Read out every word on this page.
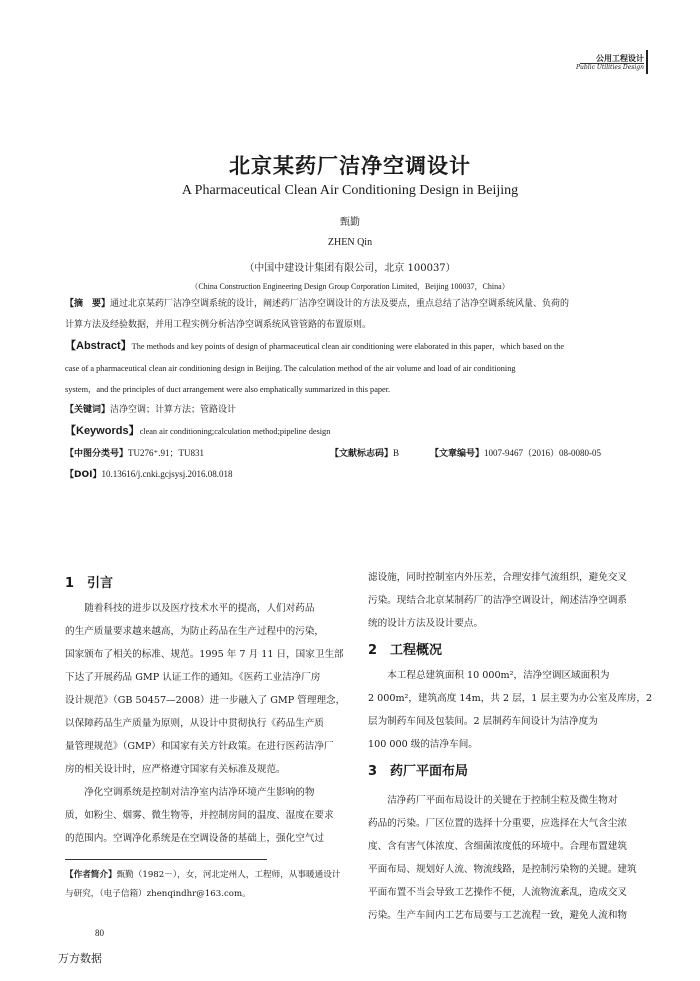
公用工程设计
Public Utilities Design
北京某药厂洁净空调设计
A Pharmaceutical Clean Air Conditioning Design in Beijing
甄勤
ZHEN Qin
（中国中建设计集团有限公司，北京 100037）
（China Construction Engineering Design Group Corporation Limited，Beijing 100037，China）
【摘　要】通过北京某药厂洁净空调系统的设计，阐述药厂洁净空调设计的方法及要点，重点总结了洁净空调系统风量、负荷的
计算方法及经验数据，并用工程实例分析洁净空调系统风管管路的布置原则。
【Abstract】The methods and key points of design of pharmaceutical clean air conditioning were elaborated in this paper，which based on the
case of a pharmaceutical clean air conditioning design in Beijing. The calculation method of the air volume and load of air conditioning
system，and the principles of duct arrangement were also emphatically summarized in this paper.
【关键词】洁净空调；计算方法；管路设计
【Keywords】clean air conditioning;calculation method;pipeline design
【中图分类号】TU276⁺.91；TU831	【文献标志码】B	【文章编号】1007-9467（2016）08-0080-05
【DOI】10.13616/j.cnki.gcjsysj.2016.08.018
1　引言
随着科技的进步以及医疗技术水平的提高，人们对药品
的生产质量要求越来越高，为防止药品在生产过程中的污染，
国家颁布了相关的标准、规范。1995 年 7 月 11 日，国家卫生部
下达了开展药品 GMP 认证工作的通知。《医药工业洁净厂房
设计规范》（GB 50457—2008）进一步融入了 GMP 管理理念，
以保障药品生产质量为原则，从设计中贯彻执行《药品生产质
量管理规范》（GMP）和国家有关方针政策。在进行医药洁净厂
房的相关设计时，应严格遵守国家有关标准及规范。
净化空调系统是控制对洁净室内洁净环境产生影响的物
质，如粉尘、烟雾、微生物等，并控制房间的温度、湿度在要求
的范围内。空调净化系统是在空调设备的基础上，强化空气过
滤设施，同时控制室内外压差，合理安排气流组织，避免交叉
污染。现结合北京某制药厂的洁净空调设计，阐述洁净空调系
统的设计方法及设计要点。
2　工程概况
本工程总建筑面积 10 000m²，洁净空调区域面积为
2 000m²，建筑高度 14m，共 2 层，1 层主要为办公室及库房，2
层为制药车间及包装间。2 层制药车间设计为洁净度为
100 000 级的洁净车间。
3　药厂平面布局
洁净药厂平面布局设计的关键在于控制尘粒及微生物对
药品的污染。厂区位置的选择十分重要，应选择在大气含尘浓
度、含有害气体浓度、含细菌浓度低的环境中。合理布置建筑
平面布局、规划好人流、物流线路，是控制污染物的关键。建筑
平面布置不当会导致工艺操作不便，人流物流紊乱，造成交叉
污染。生产车间内工艺布局要与工艺流程一致，避免人流和物
【作者简介】甄勤（1982－），女，河北定州人，工程师，从事暖通设计
与研究，（电子信箱）zhenqindhr@163.com。
80
万方数据
